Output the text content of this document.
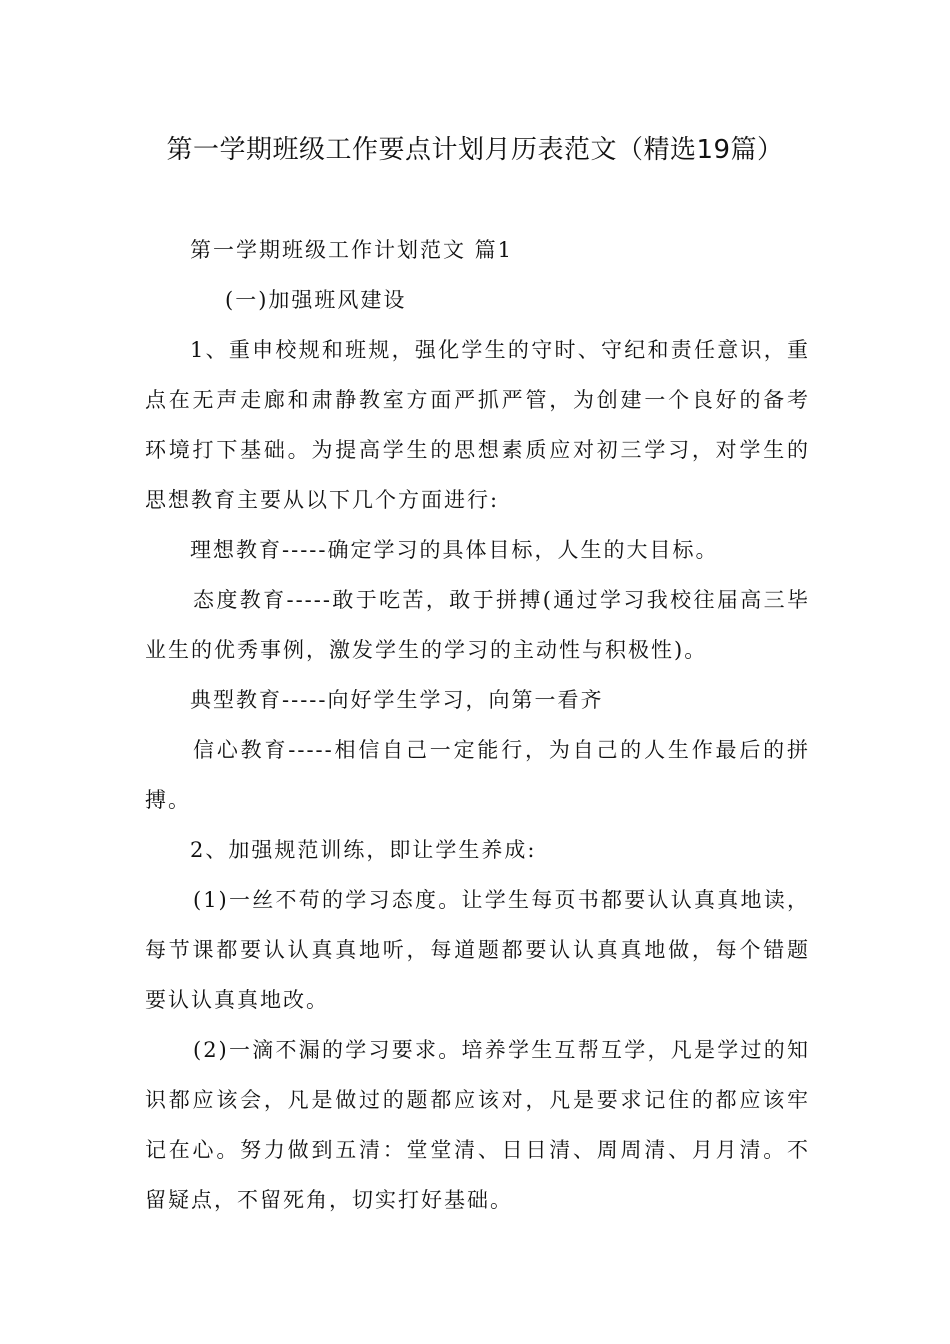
第一学期班级工作要点计划月历表范文（精选19篇）

第一学期班级工作计划范文 篇1

(一)加强班风建设

1、重申校规和班规，强化学生的守时、守纪和责任意识，重点在无声走廊和肃静教室方面严抓严管，为创建一个良好的备考环境打下基础。为提高学生的思想素质应对初三学习，对学生的思想教育主要从以下几个方面进行:

理想教育-----确定学习的具体目标，人生的大目标。

态度教育-----敢于吃苦，敢于拼搏(通过学习我校往届高三毕业生的优秀事例，激发学生的学习的主动性与积极性)。

典型教育-----向好学生学习，向第一看齐

信心教育-----相信自己一定能行，为自己的人生作最后的拼搏。

2、加强规范训练，即让学生养成:

(1)一丝不苟的学习态度。让学生每页书都要认认真真地读，每节课都要认认真真地听，每道题都要认认真真地做，每个错题要认认真真地改。

(2)一滴不漏的学习要求。培养学生互帮互学，凡是学过的知识都应该会，凡是做过的题都应该对，凡是要求记住的都应该牢记在心。努力做到五清：堂堂清、日日清、周周清、月月清。不留疑点，不留死角，切实打好基础。
